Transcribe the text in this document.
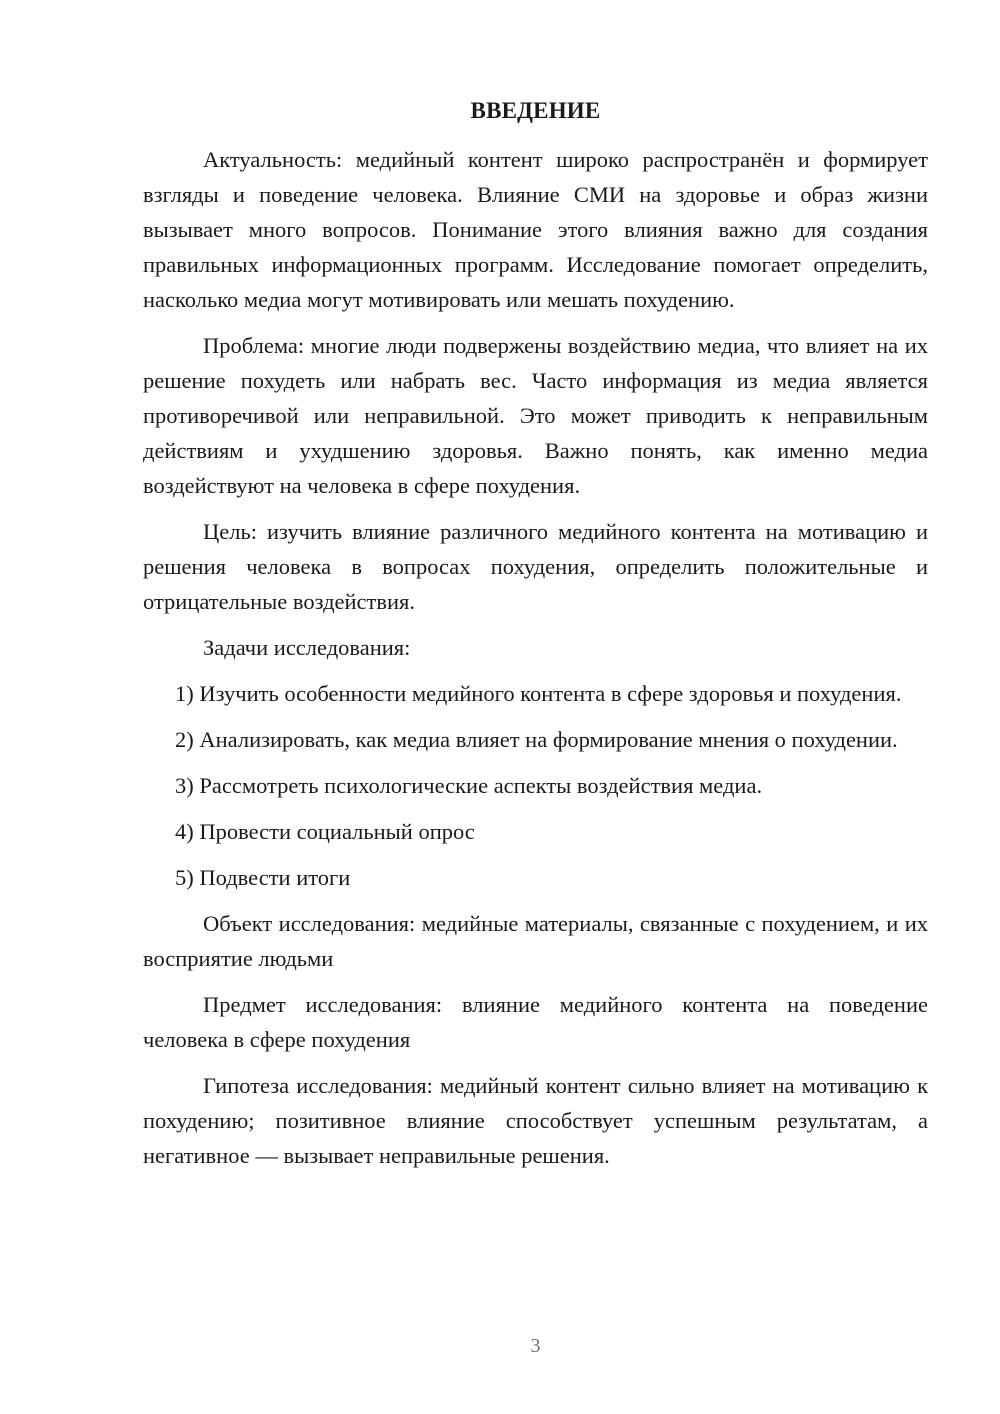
ВВЕДЕНИЕ

Актуальность: медийный контент широко распространён и формирует взгляды и поведение человека. Влияние СМИ на здоровье и образ жизни вызывает много вопросов. Понимание этого влияния важно для создания правильных информационных программ. Исследование помогает определить, насколько медиа могут мотивировать или мешать похудению.

Проблема: многие люди подвержены воздействию медиа, что влияет на их решение похудеть или набрать вес. Часто информация из медиа является противоречивой или неправильной. Это может приводить к неправильным действиям и ухудшению здоровья. Важно понять, как именно медиа воздействуют на человека в сфере похудения.

Цель: изучить влияние различного медийного контента на мотивацию и решения человека в вопросах похудения, определить положительные и отрицательные воздействия.

Задачи исследования:

1) Изучить особенности медийного контента в сфере здоровья и похудения.

2) Анализировать, как медиа влияет на формирование мнения о похудении.

3) Рассмотреть психологические аспекты воздействия медиа.

4) Провести социальный опрос

5) Подвести итоги

Объект исследования: медийные материалы, связанные с похудением, и их восприятие людьми

Предмет исследования: влияние медийного контента на поведение человека в сфере похудения

Гипотеза исследования: медийный контент сильно влияет на мотивацию к похудению; позитивное влияние способствует успешным результатам, а негативное — вызывает неправильные решения.

3
